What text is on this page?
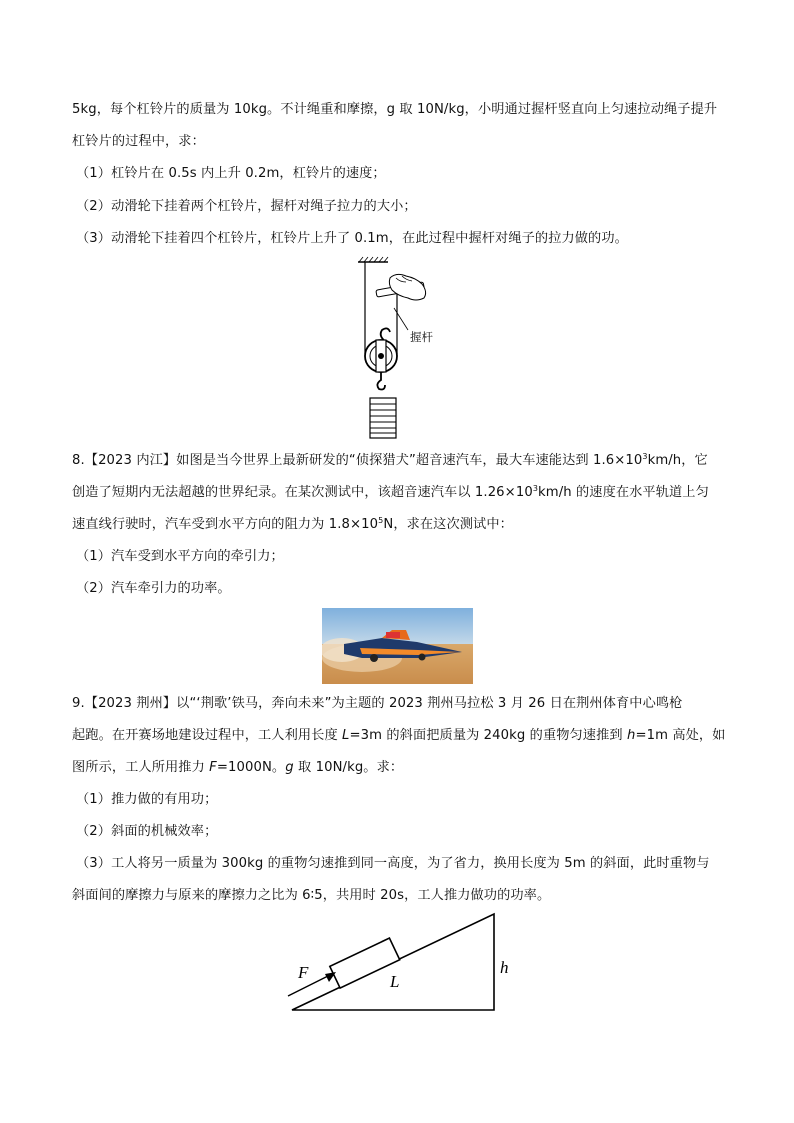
5kg，每个杠铃片的质量为 10kg。不计绳重和摩擦，g 取 10N/kg，小明通过握杆竖直向上匀速拉动绳子提升
杠铃片的过程中，求：
（1）杠铃片在 0.5s 内上升 0.2m，杠铃片的速度；
（2）动滑轮下挂着两个杠铃片，握杆对绳子拉力的大小；
（3）动滑轮下挂着四个杠铃片，杠铃片上升了 0.1m，在此过程中握杆对绳子的拉力做的功。
握杆
8.【2023 内江】如图是当今世界上最新研发的“侦探猎犬”超音速汽车，最大车速能达到 $1.6\times 10^3km/h$，它
创造了短期内无法超越的世界纪录。在某次测试中，该超音速汽车以 $1.26\times 10^3km/h$ 的速度在水平轨道上匀
速直线行驶时，汽车受到水平方向的阻力为 $1.8\times 10^5N$，求在这次测试中：
（1）汽车受到水平方向的牵引力；
（2）汽车牵引力的功率。
9.【2023 荆州】以“‘荆歌’铁马，奔向未来”为主题的 2023 荆州马拉松 3 月 26 日在荆州体育中心鸣枪
起跑。在开赛场地建设过程中，工人利用长度 L=3m 的斜面把质量为 240kg 的重物匀速推到 h=1m 高处，如
图所示，工人所用推力 F=1000N。g 取 10N/kg。求：
（1）推力做的有用功；
（2）斜面的机械效率；
（3）工人将另一质量为 300kg 的重物匀速推到同一高度，为了省力，换用长度为 5m 的斜面，此时重物与
斜面间的摩擦力与原来的摩擦力之比为 6∶5，共用时 20s，工人推力做功的功率。
F	L
h
